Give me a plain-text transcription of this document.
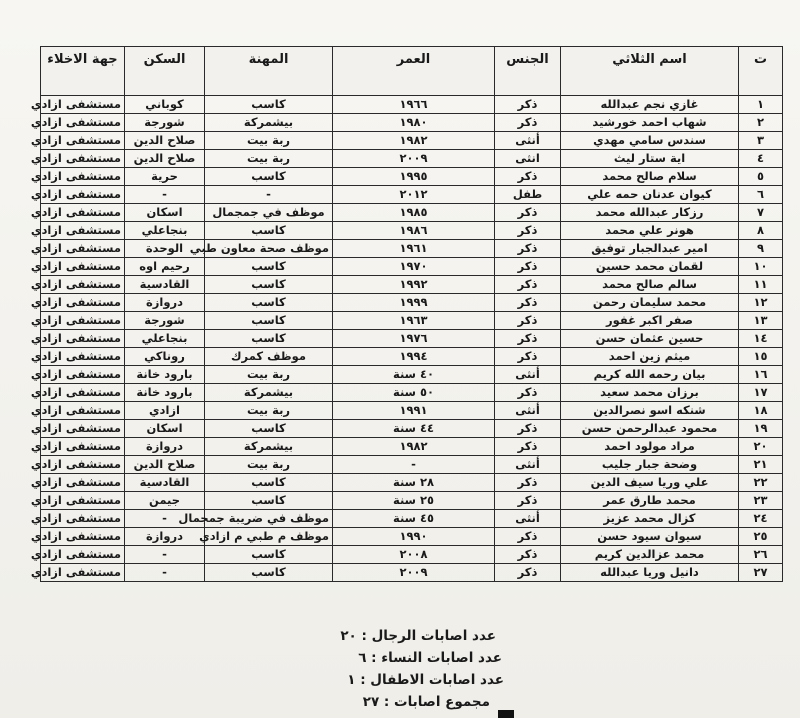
ت	اسم الثلاثي	الجنس	العمر	المهنة	السكن	جهة الاخلاء
١	غازي نجم عبدالله	ذكر	١٩٦٦	كاسب	كوباني	مستشفى ازادي
٢	شهاب احمد خورشيد	ذكر	١٩٨٠	بيشمركة	شورجة	مستشفى ازادي
٣	سندس سامي مهدي	أنثى	١٩٨٢	ربة بيت	صلاح الدين	مستشفى ازادي
٤	اية ستار ليث	انثى	٢٠٠٩	ربة بيت	صلاح الدين	مستشفى ازادي
٥	سلام صالح محمد	ذكر	١٩٩٥	كاسب	حرية	مستشفى ازادي
٦	كيوان عدنان حمه علي	طفل	٢٠١٢	-	-	مستشفى ازادي
٧	رزكار عبدالله محمد	ذكر	١٩٨٥	موظف في جمجمال	اسكان	مستشفى ازادي
٨	هونر علي محمد	ذكر	١٩٨٦	كاسب	بنجاعلي	مستشفى ازادي
٩	امير عبدالجبار توفيق	ذكر	١٩٦١	موظف صحة معاون طبي	الوحدة	مستشفى ازادي
١٠	لقمان محمد حسين	ذكر	١٩٧٠	كاسب	رحيم اوه	مستشفى ازادي
١١	سالم صالح محمد	ذكر	١٩٩٢	كاسب	القادسية	مستشفى ازادي
١٢	محمد سليمان رحمن	ذكر	١٩٩٩	كاسب	دروازة	مستشفى ازادي
١٣	صفر اكبر غفور	ذكر	١٩٦٣	كاسب	شورجة	مستشفى ازادي
١٤	حسين عثمان حسن	ذكر	١٩٧٦	كاسب	بنجاعلي	مستشفى ازادي
١٥	ميثم زين احمد	ذكر	١٩٩٤	موظف كمرك	روناكي	مستشفى ازادي
١٦	بيان رحمه الله كريم	أنثى	٤٠ سنة	ربة بيت	بارود خانة	مستشفى ازادي
١٧	برزان محمد سعيد	ذكر	٥٠ سنة	بيشمركة	بارود خانة	مستشفى ازادي
١٨	شنكه اسو نصرالدين	أنثى	١٩٩١	ربة بيت	ازادي	مستشفى ازادي
١٩	محمود عبدالرحمن حسن	ذكر	٤٤ سنة	كاسب	اسكان	مستشفى ازادي
٢٠	مراد مولود احمد	ذكر	١٩٨٢	بيشمركة	دروازة	مستشفى ازادي
٢١	وضحة جبار جليب	أنثى	-	ربة بيت	صلاح الدين	مستشفى ازادي
٢٢	علي وريا سيف الدين	ذكر	٢٨ سنة	كاسب	القادسية	مستشفى ازادي
٢٣	محمد طارق عمر	ذكر	٢٥ سنة	كاسب	جيمن	مستشفى ازادي
٢٤	كزال محمد عزيز	أنثى	٤٥ سنة	موظف في ضريبة جمجمال	-	مستشفى ازادي
٢٥	سيوان سيود حسن	ذكر	١٩٩٠	موظف م طبي م ازادي	دروازة	مستشفى ازادي
٢٦	محمد عزالدين كريم	ذكر	٢٠٠٨	كاسب	-	مستشفى ازادي
٢٧	دانيل وريا عبدالله	ذكر	٢٠٠٩	كاسب	-	مستشفى ازادي
عدد اصابات الرجال : ٢٠
عدد اصابات النساء : ٦
عدد اصابات الاطفال : ١
مجموع اصابات : ٢٧
